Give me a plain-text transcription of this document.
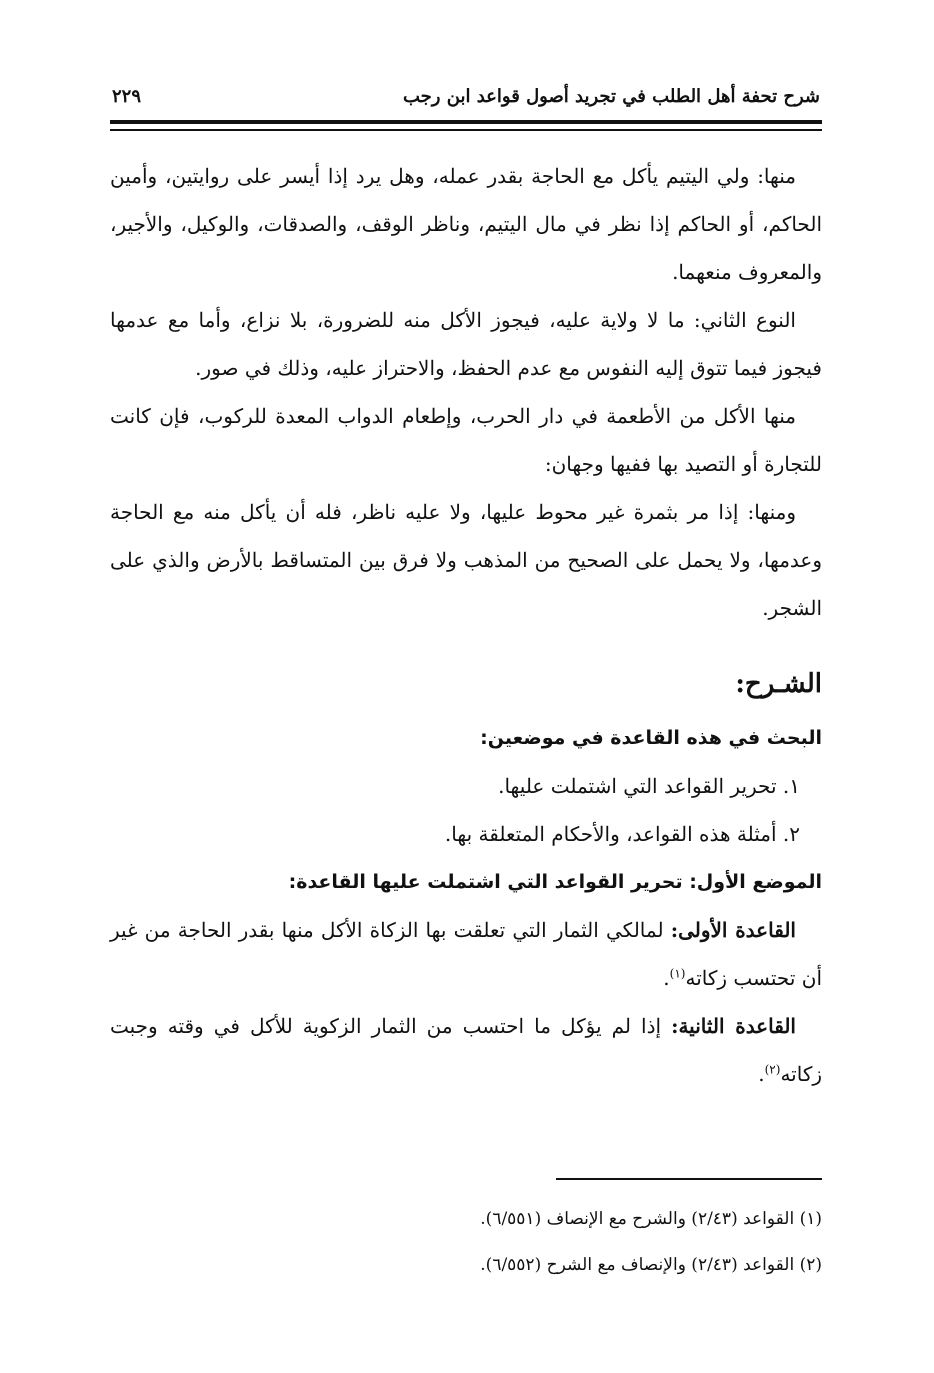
شرح تحفة أهل الطلب في تجريد أصول قواعد ابن رجب
٢٢٩

منها: ولي اليتيم يأكل مع الحاجة بقدر عمله، وهل يرد إذا أيسر على روايتين، وأمين الحاكم، أو الحاكم إذا نظر في مال اليتيم، وناظر الوقف، والصدقات، والوكيل، والأجير، والمعروف منعهما.

النوع الثاني: ما لا ولاية عليه، فيجوز الأكل منه للضرورة، بلا نزاع، وأما مع عدمها فيجوز فيما تتوق إليه النفوس مع عدم الحفظ، والاحتراز عليه، وذلك في صور.

منها الأكل من الأطعمة في دار الحرب، وإطعام الدواب المعدة للركوب، فإن كانت للتجارة أو التصيد بها ففيها وجهان:

ومنها: إذا مر بثمرة غير محوط عليها، ولا عليه ناظر، فله أن يأكل منه مع الحاجة وعدمها، ولا يحمل على الصحيح من المذهب ولا فرق بين المتساقط بالأرض والذي على الشجر.

الشـرح:

البحث في هذه القاعدة في موضعين:

١. تحرير القواعد التي اشتملت عليها.

٢. أمثلة هذه القواعد، والأحكام المتعلقة بها.

الموضع الأول: تحرير القواعد التي اشتملت عليها القاعدة:

القاعدة الأولى: لمالكي الثمار التي تعلقت بها الزكاة الأكل منها بقدر الحاجة من غير أن تحتسب زكاته$^{(١)}$.

القاعدة الثانية: إذا لم يؤكل ما احتسب من الثمار الزكوية للأكل في وقته وجبت زكاته$^{(٢)}$.

(١) القواعد (٢/٤٣) والشرح مع الإنصاف (٦/٥٥١).

(٢) القواعد (٢/٤٣) والإنصاف مع الشرح (٦/٥٥٢).
